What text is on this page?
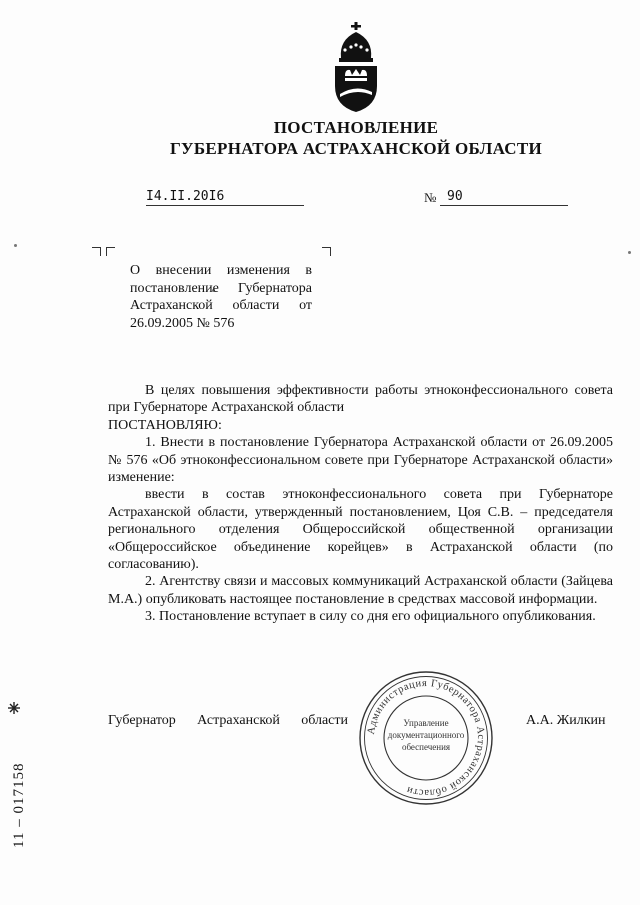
ПОСТАНОВЛЕНИЕ
ГУБЕРНАТОРА АСТРАХАНСКОЙ ОБЛАСТИ
I4.II.20I6	№ 90
О внесении изменения в постановление Губернатора Астраханской области от 26.09.2005 № 576

В целях повышения эффективности работы этноконфессионального совета при Губернаторе Астраханской области

ПОСТАНОВЛЯЮ:

1. Внести в постановление Губернатора Астраханской области от 26.09.2005 № 576 «Об этноконфессиональном совете при Губернаторе Астраханской области» изменение:

ввести в состав этноконфессионального совета при Губернаторе Астраханской области, утвержденный постановлением, Цоя С.В. – председателя регионального отделения Общероссийской общественной организации «Общероссийское объединение корейцев» в Астраханской области (по согласованию).

2. Агентству связи и массовых коммуникаций Астраханской области (Зайцева М.А.) опубликовать настоящее постановление в средствах массовой информации.

3. Постановление вступает в силу со дня его официального опубликования.

Губернатор Астраханской области	А.А. Жилкин
Администрация Губернатора Астраханской области
Управление
документационного
обеспечения
11 – 017158
